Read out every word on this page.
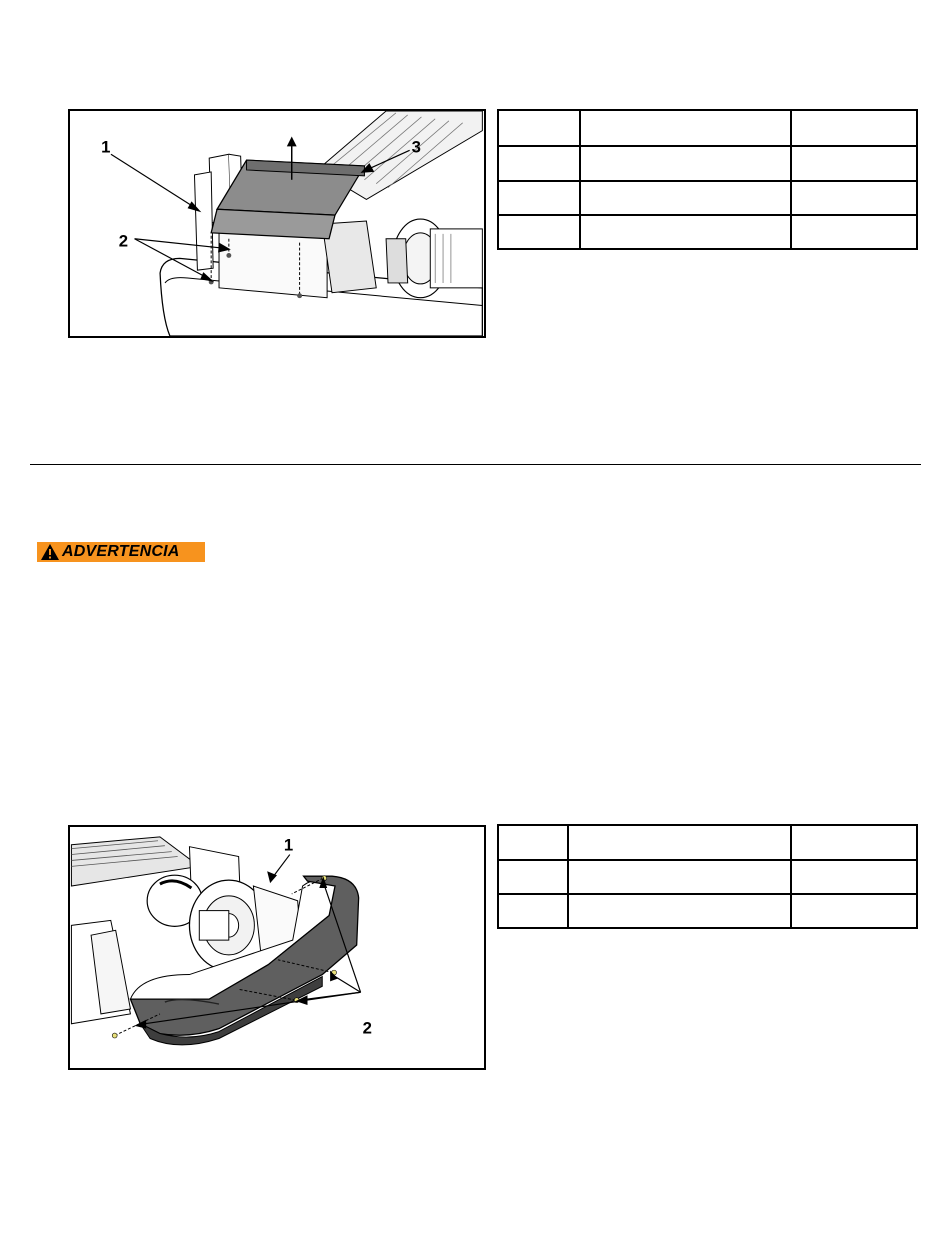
1
2
3

ADVERTENCIA
1
2
